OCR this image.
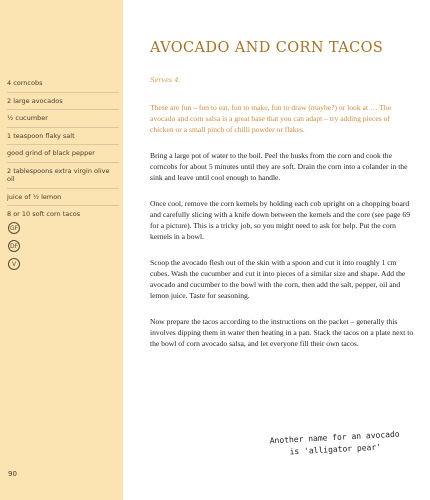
4 corncobs
2 large avocados
½ cucumber
1 teaspoon flaky salt
good grind of black pepper
2 tablespoons extra virgin olive oil
juice of ½ lemon
8 or 10 soft corn tacos
GF
DF
V
90
AVOCADO AND CORN TACOS

Serves 4.

These are fun – fun to eat, fun to make, fun to draw (maybe?) or look at … The avocado and corn salsa is a great base that you can adapt – try adding pieces of chicken or a small pinch of chilli powder or flakes.

Bring a large pot of water to the boil. Peel the husks from the corn and cook the corncobs for about 5 minutes until they are soft. Drain the corn into a colander in the sink and leave until cool enough to handle.

Once cool, remove the corn kernels by holding each cob upright on a chopping board and carefully slicing with a knife down between the kernels and the core (see page 69 for a picture). This is a tricky job, so you might need to ask for help. Put the corn kernels in a bowl.

Scoop the avocado flesh out of the skin with a spoon and cut it into roughly 1 cm cubes. Wash the cucumber and cut it into pieces of a similar size and shape. Add the avocado and cucumber to the bowl with the corn, then add the salt, pepper, oil and lemon juice. Taste for seasoning.

Now prepare the tacos according to the instructions on the packet – generally this involves dipping them in water then heating in a pan. Stack the tacos on a plate next to the bowl of corn avocado salsa, and let everyone fill their own tacos.

Another name for an avocado
is 'alligator pear'
